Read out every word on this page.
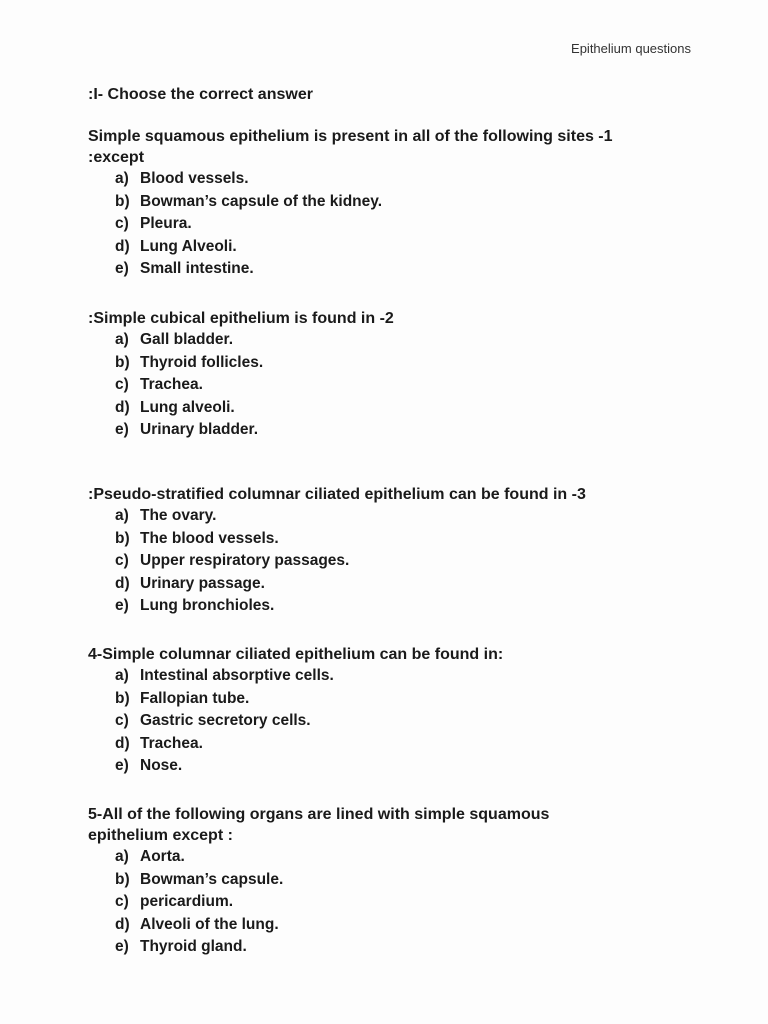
Epithelium questions
:I- Choose the correct answer
Simple squamous epithelium is present in all of the following sites -1
:except
a) Blood vessels.
b) Bowman’s capsule of the kidney.
c) Pleura.
d) Lung Alveoli.
e) Small intestine.
:Simple cubical epithelium is found in -2
a) Gall bladder.
b) Thyroid follicles.
c) Trachea.
d) Lung alveoli.
e) Urinary bladder.
:Pseudo-stratified columnar ciliated epithelium can be found in -3
a) The ovary.
b) The blood vessels.
c) Upper respiratory passages.
d) Urinary passage.
e) Lung bronchioles.
4-Simple columnar ciliated epithelium can be found in:
a) Intestinal absorptive cells.
b) Fallopian tube.
c) Gastric secretory cells.
d) Trachea.
e) Nose.
5-All of the following organs are lined with simple squamous
epithelium except :
a) Aorta.
b) Bowman’s capsule.
c) pericardium.
d) Alveoli of the lung.
e) Thyroid gland.
